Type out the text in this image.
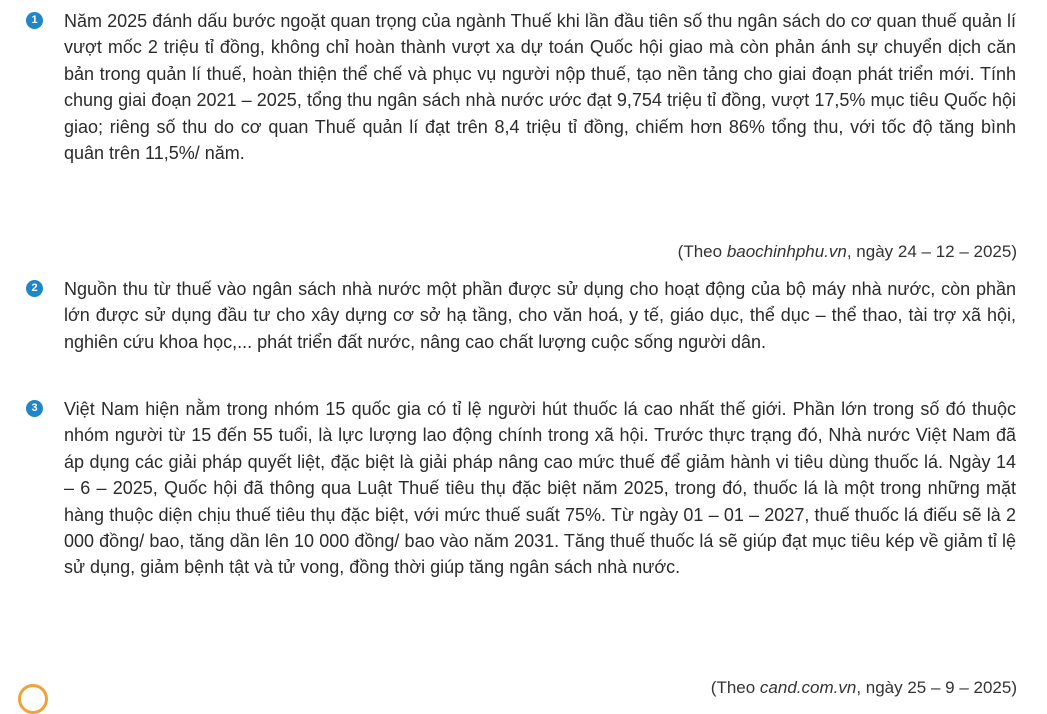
1	Năm 2025 đánh dấu bước ngoặt quan trọng của ngành Thuế khi lần đầu tiên số thu ngân sách do cơ quan thuế quản lí vượt mốc 2 triệu tỉ đồng, không chỉ hoàn thành vượt xa dự toán Quốc hội giao mà còn phản ánh sự chuyển dịch căn bản trong quản lí thuế, hoàn thiện thể chế và phục vụ người nộp thuế, tạo nền tảng cho giai đoạn phát triển mới. Tính chung giai đoạn 2021 – 2025, tổng thu ngân sách nhà nước ước đạt 9,754 triệu tỉ đồng, vượt 17,5% mục tiêu Quốc hội giao; riêng số thu do cơ quan Thuế quản lí đạt trên 8,4 triệu tỉ đồng, chiếm hơn 86% tổng thu, với tốc độ tăng bình quân trên 11,5%/ năm.

(Theo baochinhphu.vn, ngày 24 – 12 – 2025)
2	Nguồn thu từ thuế vào ngân sách nhà nước một phần được sử dụng cho hoạt động của bộ máy nhà nước, còn phần lớn được sử dụng đầu tư cho xây dựng cơ sở hạ tầng, cho văn hoá, y tế, giáo dục, thể dục – thể thao, tài trợ xã hội, nghiên cứu khoa học,... phát triển đất nước, nâng cao chất lượng cuộc sống người dân.

3	Việt Nam hiện nằm trong nhóm 15 quốc gia có tỉ lệ người hút thuốc lá cao nhất thế giới. Phần lớn trong số đó thuộc nhóm người từ 15 đến 55 tuổi, là lực lượng lao động chính trong xã hội. Trước thực trạng đó, Nhà nước Việt Nam đã áp dụng các giải pháp quyết liệt, đặc biệt là giải pháp nâng cao mức thuế để giảm hành vi tiêu dùng thuốc lá. Ngày 14 – 6 – 2025, Quốc hội đã thông qua Luật Thuế tiêu thụ đặc biệt năm 2025, trong đó, thuốc lá là một trong những mặt hàng thuộc diện chịu thuế tiêu thụ đặc biệt, với mức thuế suất 75%. Từ ngày 01 – 01 – 2027, thuế thuốc lá điếu sẽ là 2 000 đồng/ bao, tăng dần lên 10 000 đồng/ bao vào năm 2031. Tăng thuế thuốc lá sẽ giúp đạt mục tiêu kép về giảm tỉ lệ sử dụng, giảm bệnh tật và tử vong, đồng thời giúp tăng ngân sách nhà nước.

(Theo cand.com.vn, ngày 25 – 9 – 2025)
